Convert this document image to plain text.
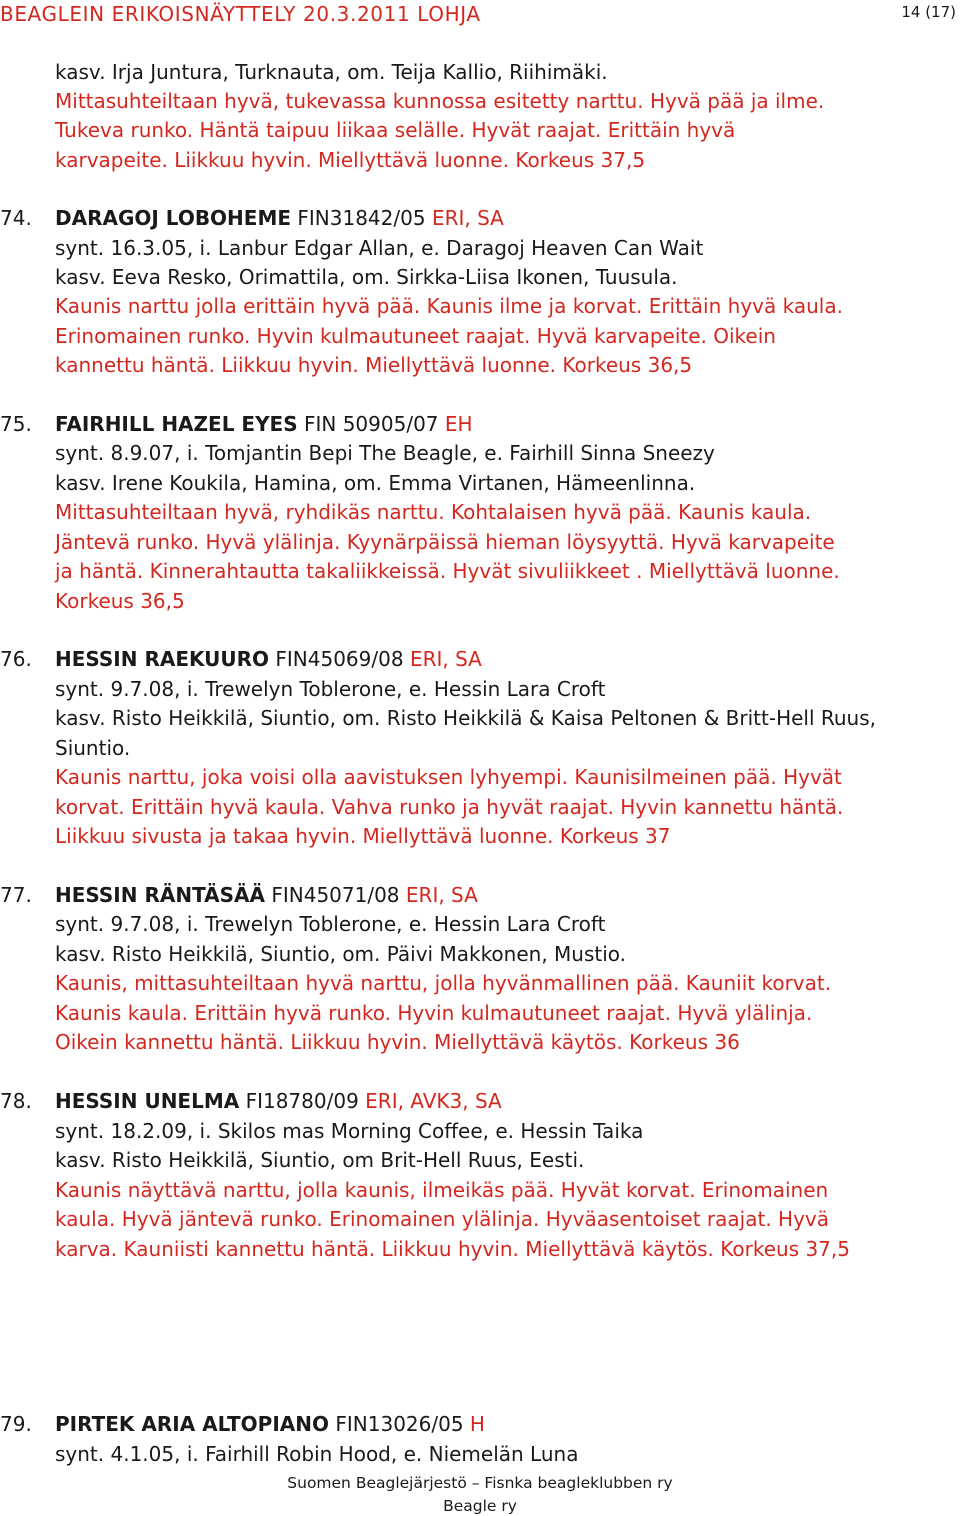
BEAGLEIN ERIKOISNÄYTTELY 20.3.2011 LOHJA	14 (17)
kasv. Irja Juntura, Turknauta, om. Teija Kallio, Riihimäki.
Mittasuhteiltaan hyvä, tukevassa kunnossa esitetty narttu. Hyvä pää ja ilme.
Tukeva runko. Häntä taipuu liikaa selälle. Hyvät raajat. Erittäin hyvä
karvapeite. Liikkuu hyvin. Miellyttävä luonne. Korkeus 37,5
74. DARAGOJ LOBOHEME FIN31842/05 ERI, SA
synt. 16.3.05, i. Lanbur Edgar Allan, e. Daragoj Heaven Can Wait
kasv. Eeva Resko, Orimattila, om. Sirkka-Liisa Ikonen, Tuusula.
Kaunis narttu jolla erittäin hyvä pää. Kaunis ilme ja korvat. Erittäin hyvä kaula.
Erinomainen runko. Hyvin kulmautuneet raajat. Hyvä karvapeite. Oikein
kannettu häntä. Liikkuu hyvin. Miellyttävä luonne. Korkeus 36,5
75. FAIRHILL HAZEL EYES FIN 50905/07 EH
synt. 8.9.07, i. Tomjantin Bepi The Beagle, e. Fairhill Sinna Sneezy
kasv. Irene Koukila, Hamina, om. Emma Virtanen, Hämeenlinna.
Mittasuhteiltaan hyvä, ryhdikäs narttu. Kohtalaisen hyvä pää. Kaunis kaula.
Jäntevä runko. Hyvä ylälinja. Kyynärpäissä hieman löysyyttä. Hyvä karvapeite
ja häntä. Kinnerahtautta takaliikkeissä. Hyvät sivuliikkeet . Miellyttävä luonne.
Korkeus 36,5
76. HESSIN RAEKUURO FIN45069/08 ERI, SA
synt. 9.7.08, i. Trewelyn Toblerone, e. Hessin Lara Croft
kasv. Risto Heikkilä, Siuntio, om. Risto Heikkilä & Kaisa Peltonen & Britt-Hell Ruus,
Siuntio.
Kaunis narttu, joka voisi olla aavistuksen lyhyempi. Kaunisilmeinen pää. Hyvät
korvat. Erittäin hyvä kaula. Vahva runko ja hyvät raajat. Hyvin kannettu häntä.
Liikkuu sivusta ja takaa hyvin. Miellyttävä luonne. Korkeus 37
77. HESSIN RÄNTÄSÄÄ FIN45071/08 ERI, SA
synt. 9.7.08, i. Trewelyn Toblerone, e. Hessin Lara Croft
kasv. Risto Heikkilä, Siuntio, om. Päivi Makkonen, Mustio.
Kaunis, mittasuhteiltaan hyvä narttu, jolla hyvänmallinen pää. Kauniit korvat.
Kaunis kaula. Erittäin hyvä runko. Hyvin kulmautuneet raajat. Hyvä ylälinja.
Oikein kannettu häntä. Liikkuu hyvin. Miellyttävä käytös. Korkeus 36
78. HESSIN UNELMA FI18780/09 ERI, AVK3, SA
synt. 18.2.09, i. Skilos mas Morning Coffee, e. Hessin Taika
kasv. Risto Heikkilä, Siuntio, om Brit-Hell Ruus, Eesti.
Kaunis näyttävä narttu, jolla kaunis, ilmeikäs pää. Hyvät korvat. Erinomainen
kaula. Hyvä jäntevä runko. Erinomainen ylälinja. Hyväasentoiset raajat. Hyvä
karva. Kauniisti kannettu häntä. Liikkuu hyvin. Miellyttävä käytös. Korkeus 37,5
79. PIRTEK ARIA ALTOPIANO FIN13026/05 H
synt. 4.1.05, i. Fairhill Robin Hood, e. Niemelän Luna
Suomen Beaglejärjestö – Fisnka beagleklubben ry
Beagle ry
